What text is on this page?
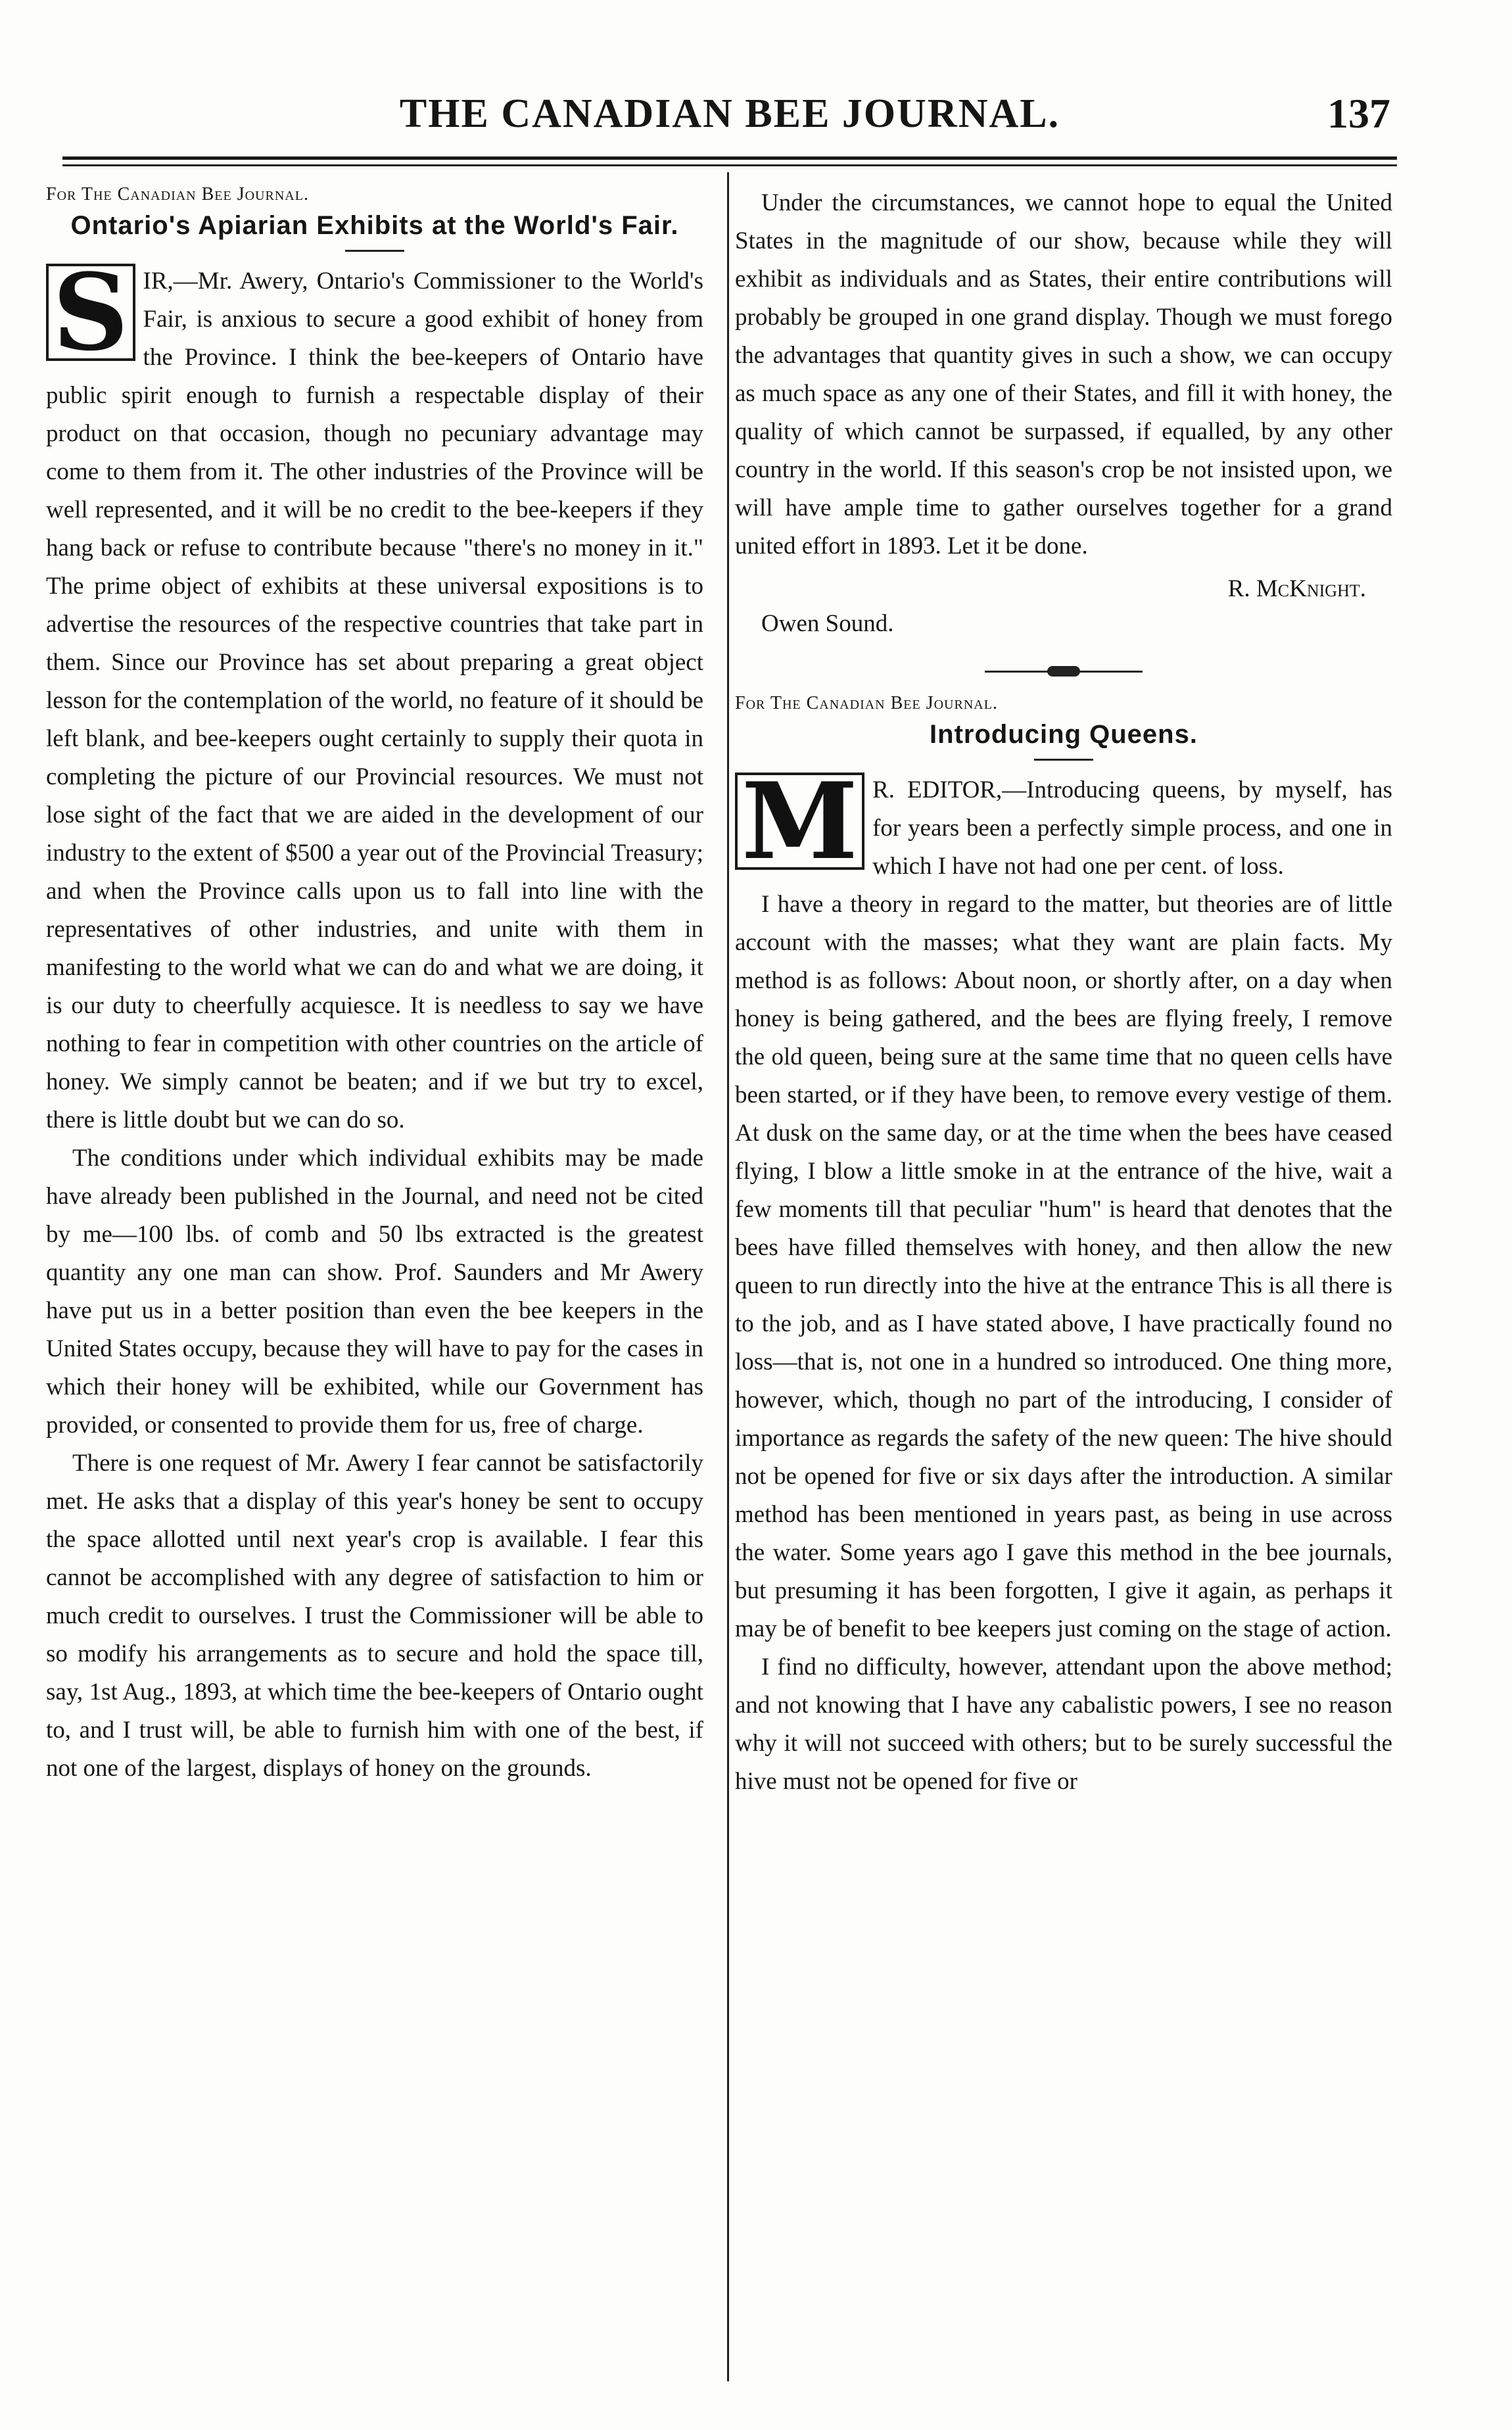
THE CANADIAN BEE JOURNAL.	137
For The Canadian Bee Journal.
Ontario's Apiarian Exhibits at the World's Fair.

S IR,—Mr. Awery, Ontario's Commissioner to the World's Fair, is anxious to secure a good exhibit of honey from the Province. I think the bee-keepers of Ontario have public spirit enough to furnish a respectable display of their product on that occasion, though no pecuniary advantage may come to them from it. The other industries of the Province will be well represented, and it will be no credit to the bee-keepers if they hang back or refuse to contribute because "there's no money in it." The prime object of exhibits at these universal expositions is to advertise the resources of the respective countries that take part in them. Since our Province has set about preparing a great object lesson for the contemplation of the world, no feature of it should be left blank, and bee-keepers ought certainly to supply their quota in completing the picture of our Provincial resources. We must not lose sight of the fact that we are aided in the development of our industry to the extent of $500 a year out of the Provincial Treasury; and when the Province calls upon us to fall into line with the representatives of other industries, and unite with them in manifesting to the world what we can do and what we are doing, it is our duty to cheerfully acquiesce. It is needless to say we have nothing to fear in competition with other countries on the article of honey. We simply cannot be beaten; and if we but try to excel, there is little doubt but we can do so.

The conditions under which individual exhibits may be made have already been published in the Journal, and need not be cited by me—100 lbs. of comb and 50 lbs extracted is the greatest quantity any one man can show. Prof. Saunders and Mr Awery have put us in a better position than even the bee keepers in the United States occupy, because they will have to pay for the cases in which their honey will be exhibited, while our Government has provided, or consented to provide them for us, free of charge.

There is one request of Mr. Awery I fear cannot be satisfactorily met. He asks that a display of this year's honey be sent to occupy the space allotted until next year's crop is available. I fear this cannot be accomplished with any degree of satisfaction to him or much credit to ourselves. I trust the Commissioner will be able to so modify his arrangements as to secure and hold the space till, say, 1st Aug., 1893, at which time the bee-keepers of Ontario ought to, and I trust will, be able to furnish him with one of the best, if not one of the largest, displays of honey on the grounds.

Under the circumstances, we cannot hope to equal the United States in the magnitude of our show, because while they will exhibit as individuals and as States, their entire contributions will probably be grouped in one grand display. Though we must forego the advantages that quantity gives in such a show, we can occupy as much space as any one of their States, and fill it with honey, the quality of which cannot be surpassed, if equalled, by any other country in the world. If this season's crop be not insisted upon, we will have ample time to gather ourselves together for a grand united effort in 1893. Let it be done.

R. McKnight.
Owen Sound.
For The Canadian Bee Journal.
Introducing Queens.

M R. EDITOR,—Introducing queens, by myself, has for years been a perfectly simple process, and one in which I have not had one per cent. of loss.

I have a theory in regard to the matter, but theories are of little account with the masses; what they want are plain facts. My method is as follows: About noon, or shortly after, on a day when honey is being gathered, and the bees are flying freely, I remove the old queen, being sure at the same time that no queen cells have been started, or if they have been, to remove every vestige of them. At dusk on the same day, or at the time when the bees have ceased flying, I blow a little smoke in at the entrance of the hive, wait a few moments till that peculiar "hum" is heard that denotes that the bees have filled themselves with honey, and then allow the new queen to run directly into the hive at the entrance This is all there is to the job, and as I have stated above, I have practically found no loss—that is, not one in a hundred so introduced. One thing more, however, which, though no part of the introducing, I consider of importance as regards the safety of the new queen: The hive should not be opened for five or six days after the introduction. A similar method has been mentioned in years past, as being in use across the water. Some years ago I gave this method in the bee journals, but presuming it has been forgotten, I give it again, as perhaps it may be of benefit to bee keepers just coming on the stage of action.

I find no difficulty, however, attendant upon the above method; and not knowing that I have any cabalistic powers, I see no reason why it will not succeed with others; but to be surely successful the hive must not be opened for five or
